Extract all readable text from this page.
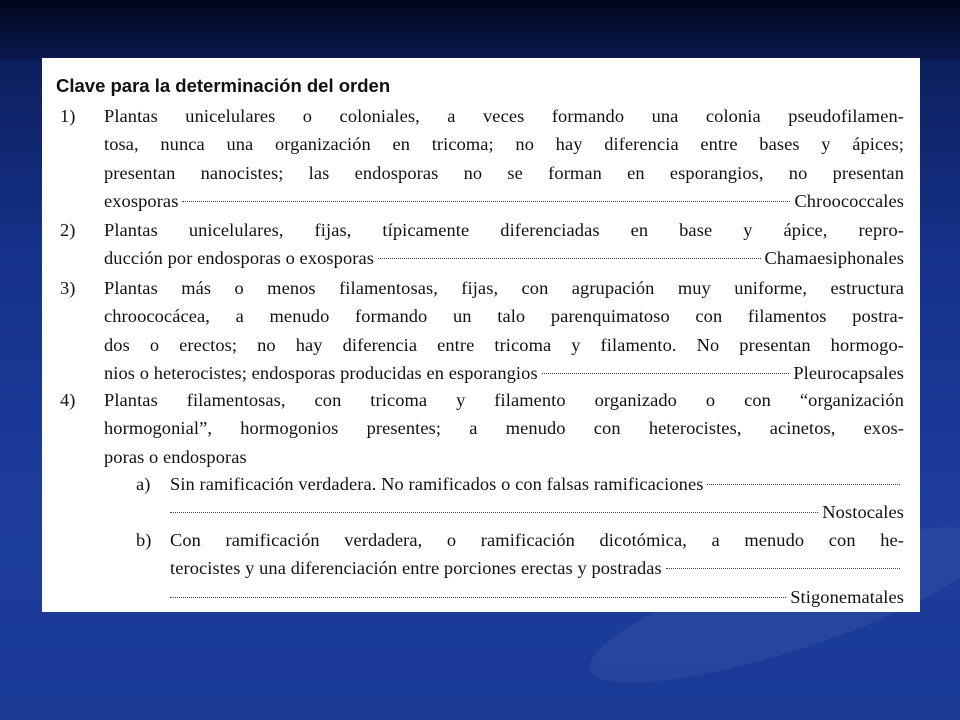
Clave para la determinación del orden
1) Plantas unicelulares o coloniales, a veces formando una colonia pseudofilamen-
tosa, nunca una organización en tricoma; no hay diferencia entre bases y ápices;
presentan nanocistes; las endosporas no se forman en esporangios, no presentan
exosporas	Chroococcales
2) Plantas unicelulares, fijas, típicamente diferenciadas en base y ápice, repro-
ducción por endosporas o exosporas	Chamaesiphonales
3) Plantas más o menos filamentosas, fijas, con agrupación muy uniforme, estructura
chroococácea, a menudo formando un talo parenquimatoso con filamentos postra-
dos o erectos; no hay diferencia entre tricoma y filamento. No presentan hormogo-
nios o heterocistes; endosporas producidas en esporangios	Pleurocapsales
4) Plantas filamentosas, con tricoma y filamento organizado o con “organización
hormogonial”, hormogonios presentes; a menudo con heterocistes, acinetos, exos-
poras o endosporas
a) Sin ramificación verdadera. No ramificados o con falsas ramificaciones
Nostocales
b) Con ramificación verdadera, o ramificación dicotómica, a menudo con he-
terocistes y una diferenciación entre porciones erectas y postradas
Stigonematales
